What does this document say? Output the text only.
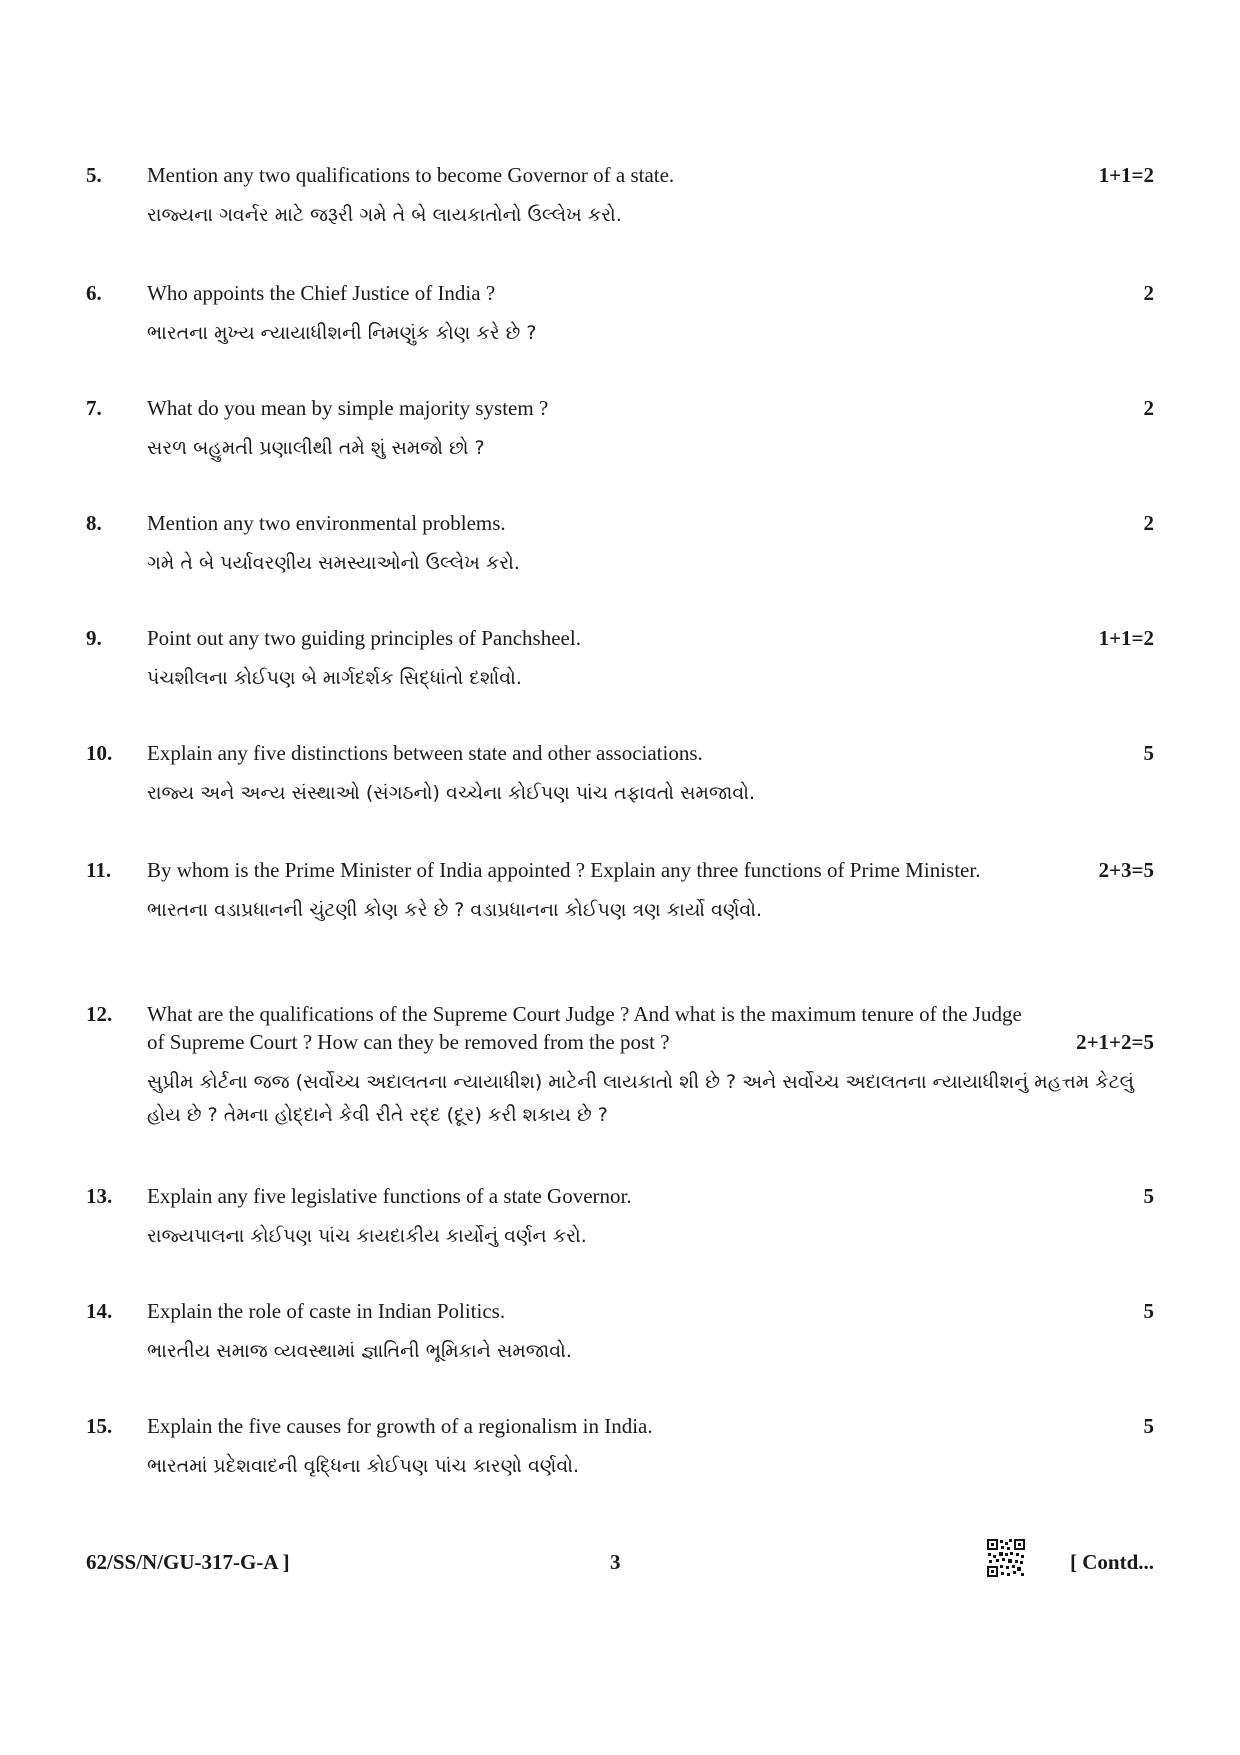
5.	Mention any two qualifications to become Governor of a state.	1+1=2
રાજ્યના ગવર્નર માટે જરૂરી ગમે તે બે લાયકાતોનો ઉલ્લેખ કરો.
6.	Who appoints the Chief Justice of India ?	2
ભારતના મુખ્ય ન્યાયાધીશની નિમણુંક કોણ કરે છે ?
7.	What do you mean by simple majority system ?	2
સરળ બહુમતી પ્રણાલીથી તમે શું સમજો છો ?
8.	Mention any two environmental problems.	2
ગમે તે બે પર્યાવરણીય સમસ્યાઓનો ઉલ્લેખ કરો.
9.	Point out any two guiding principles of Panchsheel.	1+1=2
પંચશીલના કોઈપણ બે માર્ગદર્શક સિદ્ધાંતો દર્શાવો.
10.	Explain any five distinctions between state and other associations.	5
રાજ્ય અને અન્ય સંસ્થાઓ (સંગઠનો) વચ્ચેના કોઈપણ પાંચ તફાવતો સમજાવો.
11.	By whom is the Prime Minister of India appointed ? Explain any three functions of Prime Minister.	2+3=5
ભારતના વડાપ્રધાનની ચુંટણી કોણ કરે છે ? વડાપ્રધાનના કોઈપણ ત્રણ કાર્યો વર્ણવો.
12.	What are the qualifications of the Supreme Court Judge ? And what is the maximum tenure of the Judge of Supreme Court ? How can they be removed from the post ?	2+1+2=5
સુપ્રીમ કોર્ટના જજ (સર્વોચ્ચ અદાલતના ન્યાયાધીશ) માટેની લાયકાતો શી છે ? અને સર્વોચ્ચ અદાલતના ન્યાયાધીશનું મહત્તમ કેટલું હોય છે ? તેમના હોદ્દાને કેવી રીતે રદ્દ (દૂર) કરી શકાય છે ?
13.	Explain any five legislative functions of a state Governor.	5
રાજ્યપાલના કોઈપણ પાંચ કાયદાકીય કાર્યોનું વર્ણન કરો.
14.	Explain the role of caste in Indian Politics.	5
ભારતીય સમાજ વ્યવસ્થામાં જ્ઞાતિની ભૂમિકાને સમજાવો.
15.	Explain the five causes for growth of a regionalism in India.	5
ભારતમાં પ્રદેશવાદની વૃદ્ધિના કોઈપણ પાંચ કારણો વર્ણવો.
62/SS/N/GU-317-G-A ]	3	[ Contd...
